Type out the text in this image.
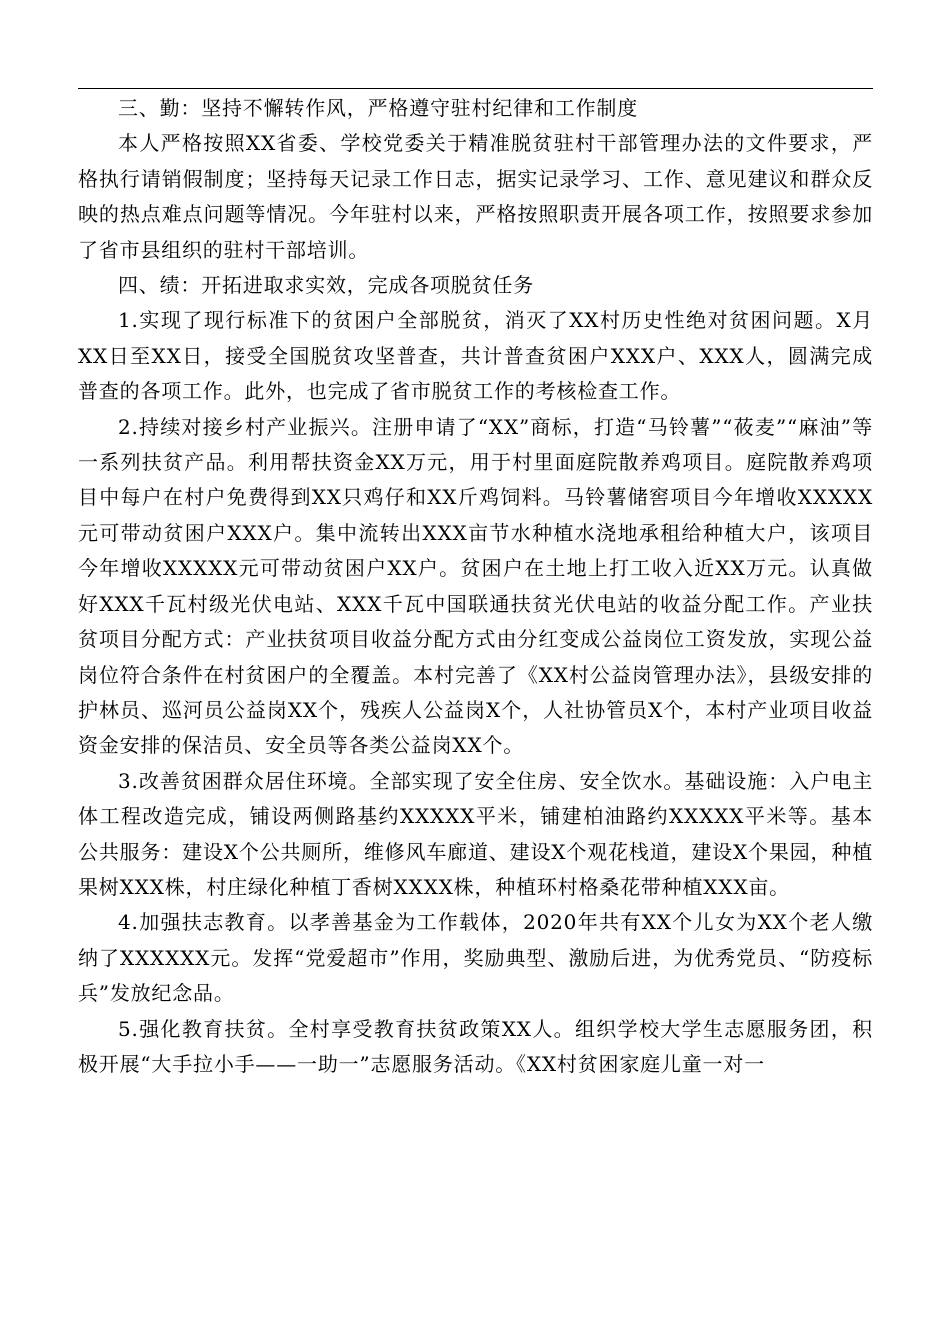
三、勤：坚持不懈转作风，严格遵守驻村纪律和工作制度

本人严格按照XX省委、学校党委关于精准脱贫驻村干部管理办法的文件要求，严格执行请销假制度；坚持每天记录工作日志，据实记录学习、工作、意见建议和群众反映的热点难点问题等情况。今年驻村以来，严格按照职责开展各项工作，按照要求参加了省市县组织的驻村干部培训。

四、绩：开拓进取求实效，完成各项脱贫任务

1.实现了现行标准下的贫困户全部脱贫，消灭了XX村历史性绝对贫困问题。X月XX日至XX日，接受全国脱贫攻坚普查，共计普查贫困户XXX户、XXX人，圆满完成普查的各项工作。此外，也完成了省市脱贫工作的考核检查工作。

2.持续对接乡村产业振兴。注册申请了“XX”商标，打造“马铃薯”“莜麦”“麻油”等一系列扶贫产品。利用帮扶资金XX万元，用于村里面庭院散养鸡项目。庭院散养鸡项目中每户在村户免费得到XX只鸡仔和XX斤鸡饲料。马铃薯储窖项目今年增收XXXXX元可带动贫困户XXX户。集中流转出XXX亩节水种植水浇地承租给种植大户，该项目今年增收XXXXX元可带动贫困户XX户。贫困户在土地上打工收入近XX万元。认真做好XXX千瓦村级光伏电站、XXX千瓦中国联通扶贫光伏电站的收益分配工作。产业扶贫项目分配方式：产业扶贫项目收益分配方式由分红变成公益岗位工资发放，实现公益岗位符合条件在村贫困户的全覆盖。本村完善了《XX村公益岗管理办法》，县级安排的护林员、巡河员公益岗XX个，残疾人公益岗X个，人社协管员X个，本村产业项目收益资金安排的保洁员、安全员等各类公益岗XX个。

3.改善贫困群众居住环境。全部实现了安全住房、安全饮水。基础设施：入户电主体工程改造完成，铺设两侧路基约XXXXX平米，铺建柏油路约XXXXX平米等。基本公共服务：建设X个公共厕所，维修风车廊道、建设X个观花栈道，建设X个果园，种植果树XXX株，村庄绿化种植丁香树XXXX株，种植环村格桑花带种植XXX亩。

4.加强扶志教育。以孝善基金为工作载体，2020年共有XX个儿女为XX个老人缴纳了XXXXXX元。发挥“党爱超市”作用，奖励典型、激励后进，为优秀党员、“防疫标兵”发放纪念品。

5.强化教育扶贫。全村享受教育扶贫政策XX人。组织学校大学生志愿服务团，积极开展“大手拉小手——一助一”志愿服务活动。《XX村贫困家庭儿童一对一
